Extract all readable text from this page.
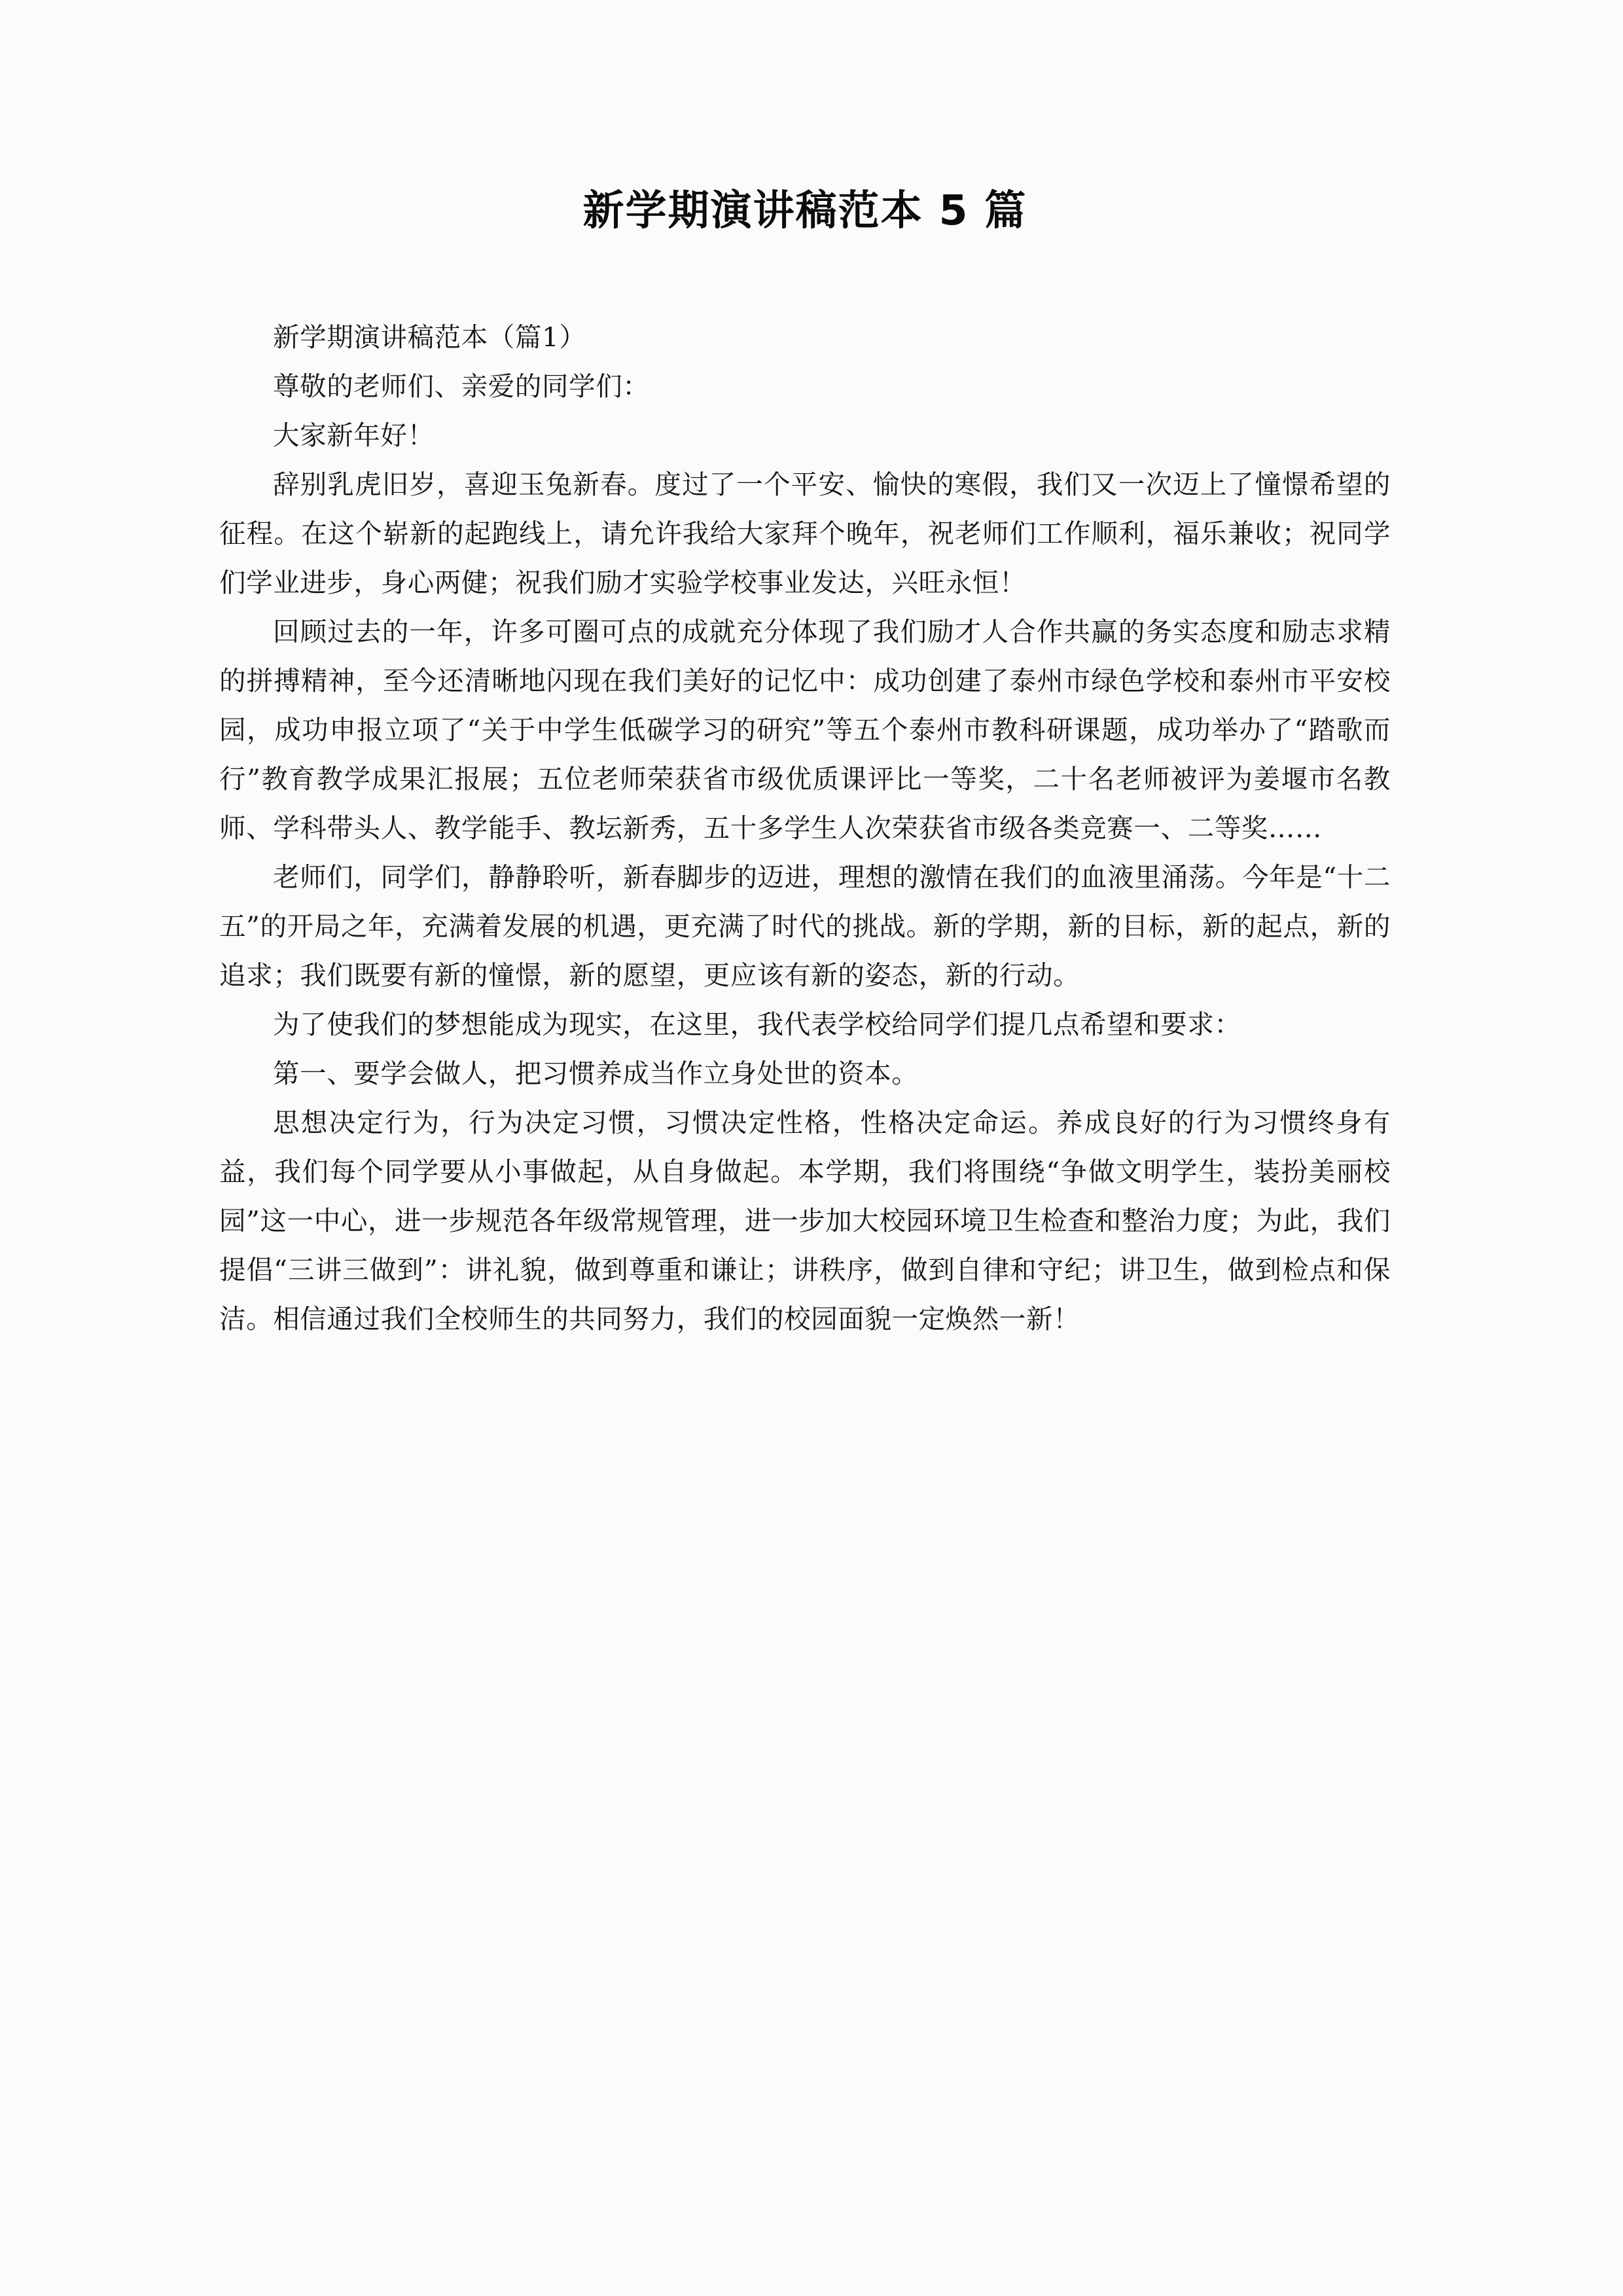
新学期演讲稿范本 5 篇

新学期演讲稿范本（篇1）

尊敬的老师们、亲爱的同学们：

大家新年好！

辞别乳虎旧岁，喜迎玉兔新春。度过了一个平安、愉快的寒假，我们又一次迈上了憧憬希望的征程。在这个崭新的起跑线上，请允许我给大家拜个晚年，祝老师们工作顺利，福乐兼收；祝同学们学业进步，身心两健；祝我们励才实验学校事业发达，兴旺永恒！

回顾过去的一年，许多可圈可点的成就充分体现了我们励才人合作共赢的务实态度和励志求精的拼搏精神，至今还清晰地闪现在我们美好的记忆中：成功创建了泰州市绿色学校和泰州市平安校园，成功申报立项了“关于中学生低碳学习的研究”等五个泰州市教科研课题，成功举办了“踏歌而行”教育教学成果汇报展；五位老师荣获省市级优质课评比一等奖，二十名老师被评为姜堰市名教师、学科带头人、教学能手、教坛新秀，五十多学生人次荣获省市级各类竞赛一、二等奖……

老师们，同学们，静静聆听，新春脚步的迈进，理想的激情在我们的血液里涌荡。今年是“十二五”的开局之年，充满着发展的机遇，更充满了时代的挑战。新的学期，新的目标，新的起点，新的追求；我们既要有新的憧憬，新的愿望，更应该有新的姿态，新的行动。

为了使我们的梦想能成为现实，在这里，我代表学校给同学们提几点希望和要求：

第一、要学会做人，把习惯养成当作立身处世的资本。

思想决定行为，行为决定习惯，习惯决定性格，性格决定命运。养成良好的行为习惯终身有益，我们每个同学要从小事做起，从自身做起。本学期，我们将围绕“争做文明学生，装扮美丽校园”这一中心，进一步规范各年级常规管理，进一步加大校园环境卫生检查和整治力度；为此，我们提倡“三讲三做到”：讲礼貌，做到尊重和谦让；讲秩序，做到自律和守纪；讲卫生，做到检点和保洁。相信通过我们全校师生的共同努力，我们的校园面貌一定焕然一新！
